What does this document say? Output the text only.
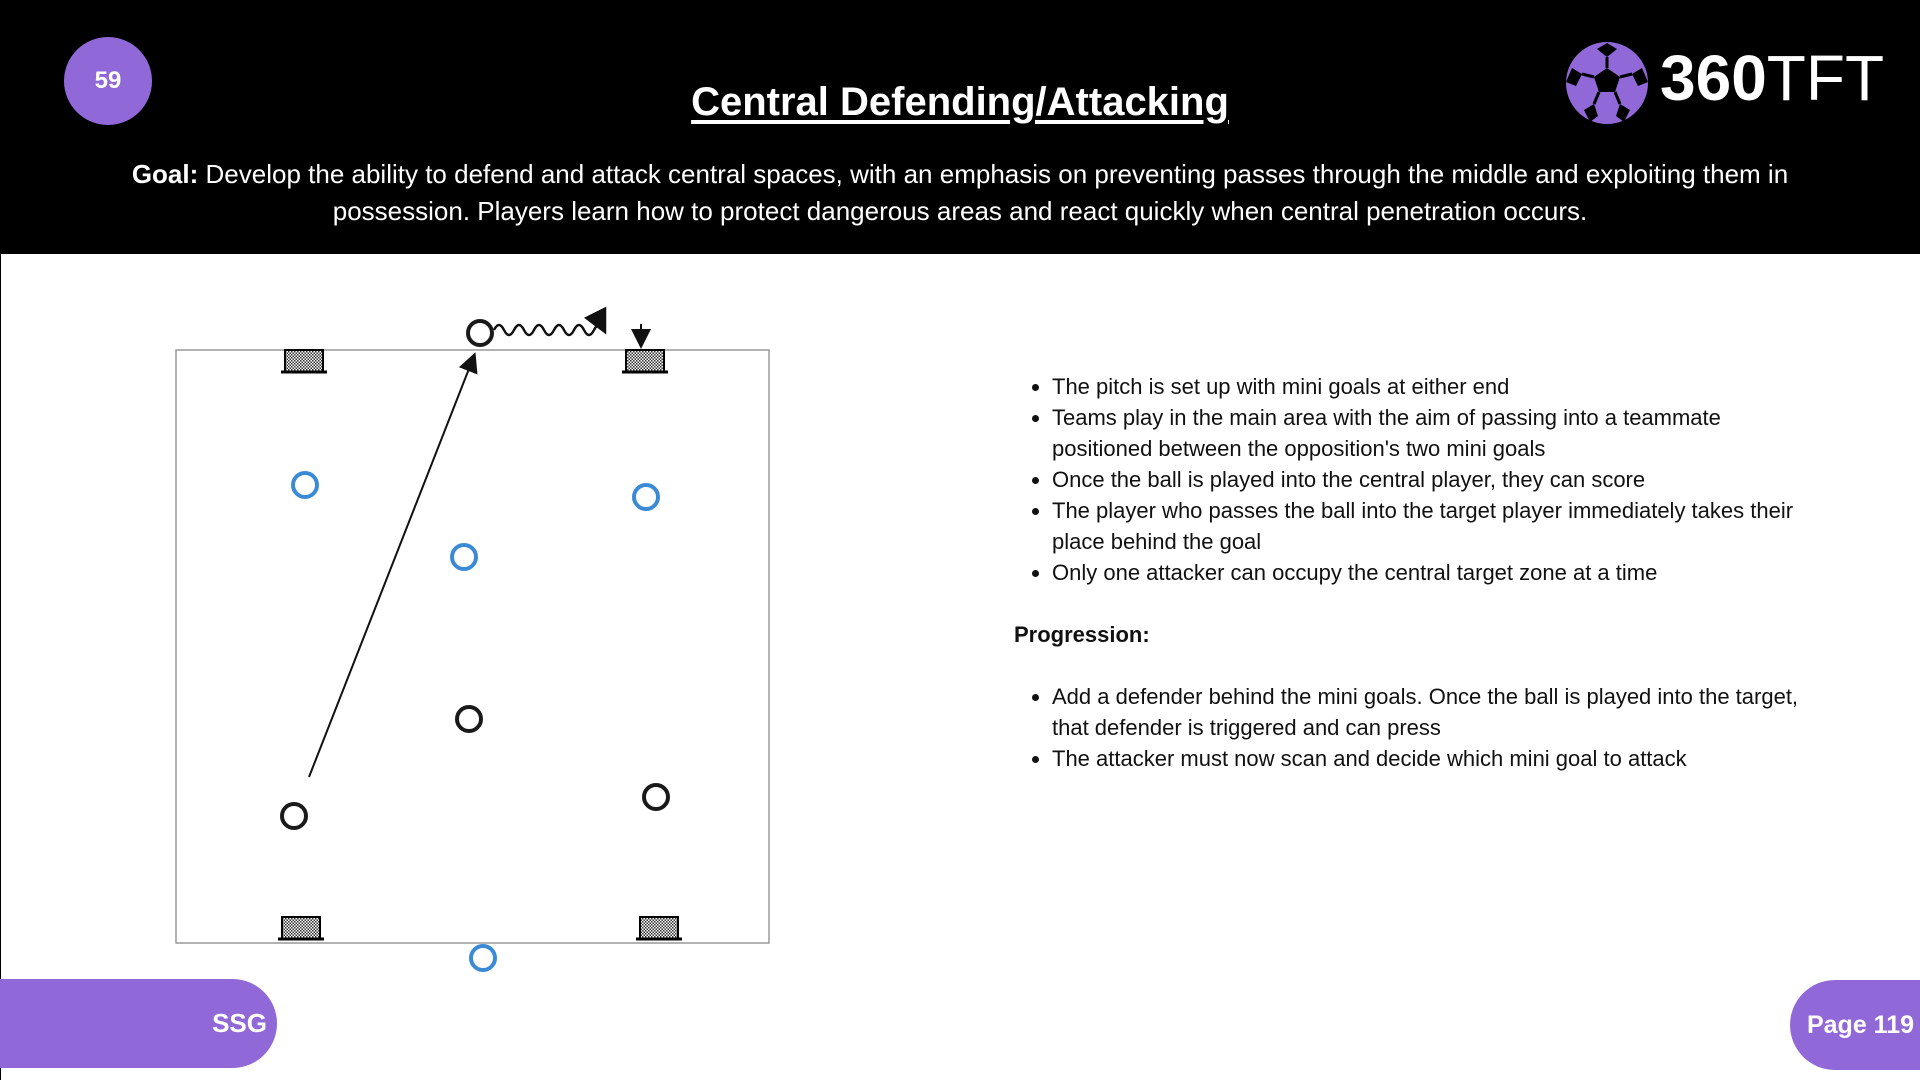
59	Central Defending/Attacking	360TFT
Goal: Develop the ability to defend and attack central spaces, with an emphasis on preventing passes through the middle and exploiting them in possession. Players learn how to protect dangerous areas and react quickly when central penetration occurs.
• The pitch is set up with mini goals at either end
• Teams play in the main area with the aim of passing into a teammate positioned between the opposition's two mini goals
• Once the ball is played into the central player, they can score
• The player who passes the ball into the target player immediately takes their place behind the goal
• Only one attacker can occupy the central target zone at a time
Progression:
• Add a defender behind the mini goals. Once the ball is played into the target, that defender is triggered and can press
• The attacker must now scan and decide which mini goal to attack
SSG	Page 119
